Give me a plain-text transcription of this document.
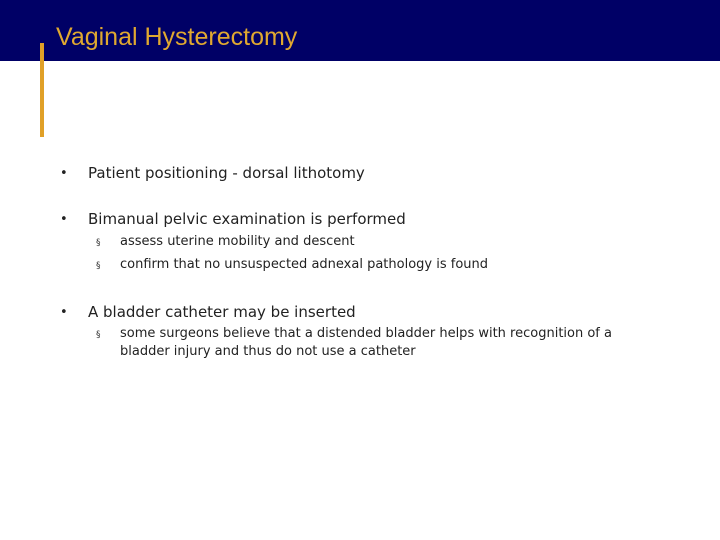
Vaginal Hysterectomy
• Patient positioning - dorsal lithotomy
• Bimanual pelvic examination is performed
§ assess uterine mobility and descent
§ confirm that no unsuspected adnexal pathology is found
• A bladder catheter may be inserted
§ some surgeons believe that a distended bladder helps with recognition of a bladder injury and thus do not use a catheter
